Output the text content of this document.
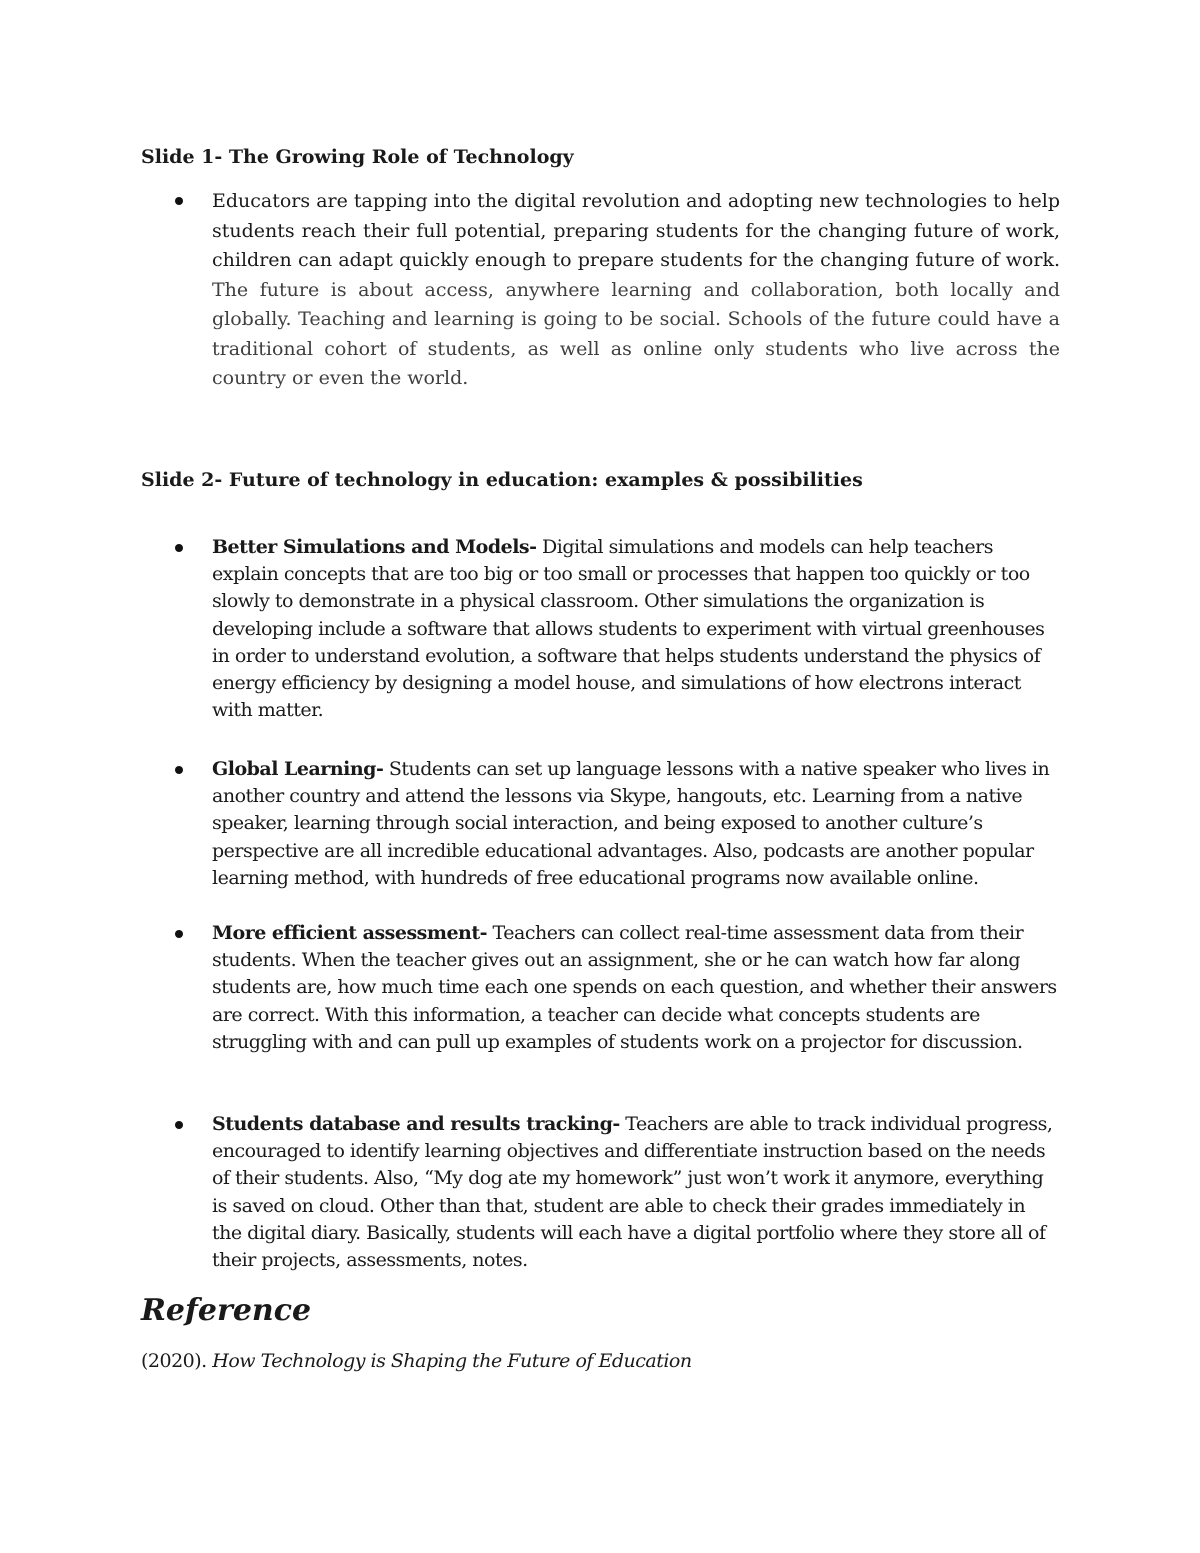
Slide 1- The Growing Role of Technology
Educators are tapping into the digital revolution and adopting new technologies to help students reach their full potential, preparing students for the changing future of work, children can adapt quickly enough to prepare students for the changing future of work. The future is about access, anywhere learning and collaboration, both locally and globally. Teaching and learning is going to be social. Schools of the future could have a traditional cohort of students, as well as online only students who live across the country or even the world.
Slide 2- Future of technology in education: examples & possibilities
Better Simulations and Models- Digital simulations and models can help teachers explain concepts that are too big or too small or processes that happen too quickly or too slowly to demonstrate in a physical classroom. Other simulations the organization is developing include a software that allows students to experiment with virtual greenhouses in order to understand evolution, a software that helps students understand the physics of energy efficiency by designing a model house, and simulations of how electrons interact with matter.
Global Learning- Students can set up language lessons with a native speaker who lives in another country and attend the lessons via Skype, hangouts, etc. Learning from a native speaker, learning through social interaction, and being exposed to another culture’s perspective are all incredible educational advantages. Also, podcasts are another popular learning method, with hundreds of free educational programs now available online.
More efficient assessment- Teachers can collect real-time assessment data from their students. When the teacher gives out an assignment, she or he can watch how far along students are, how much time each one spends on each question, and whether their answers are correct. With this information, a teacher can decide what concepts students are struggling with and can pull up examples of students work on a projector for discussion.
Students database and results tracking- Teachers are able to track individual progress, encouraged to identify learning objectives and differentiate instruction based on the needs of their students. Also, “My dog ate my homework” just won’t work it anymore, everything is saved on cloud. Other than that, student are able to check their grades immediately in the digital diary. Basically, students will each have a digital portfolio where they store all of their projects, assessments, notes.
Reference
(2020). How Technology is Shaping the Future of Education
